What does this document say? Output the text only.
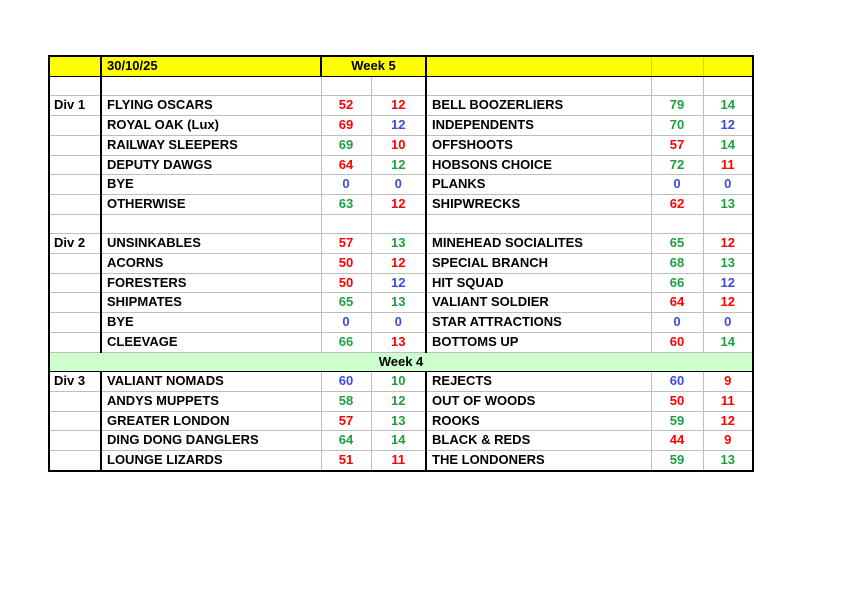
	30/10/25	Week 5				

Div 1	FLYING OSCARS	52	12	BELL BOOZERLIERS	79	14
	ROYAL OAK (Lux)	69	12	INDEPENDENTS	70	12
	RAILWAY SLEEPERS	69	10	OFFSHOOTS	57	14
	DEPUTY DAWGS	64	12	HOBSONS CHOICE	72	11
	BYE	0	0	PLANKS	0	0
	OTHERWISE	63	12	SHIPWRECKS	62	13

Div 2	UNSINKABLES	57	13	MINEHEAD SOCIALITES	65	12
	ACORNS	50	12	SPECIAL BRANCH	68	13
	FORESTERS	50	12	HIT SQUAD	66	12
	SHIPMATES	65	13	VALIANT SOLDIER	64	12
	BYE	0	0	STAR ATTRACTIONS	0	0
	CLEEVAGE	66	13	BOTTOMS UP	60	14
Week 4						
Div 3	VALIANT NOMADS	60	10	REJECTS	60	9
	ANDYS MUPPETS	58	12	OUT OF WOODS	50	11
	GREATER LONDON	57	13	ROOKS	59	12
	DING DONG DANGLERS	64	14	BLACK & REDS	44	9
	LOUNGE LIZARDS	51	11	THE LONDONERS	59	13
